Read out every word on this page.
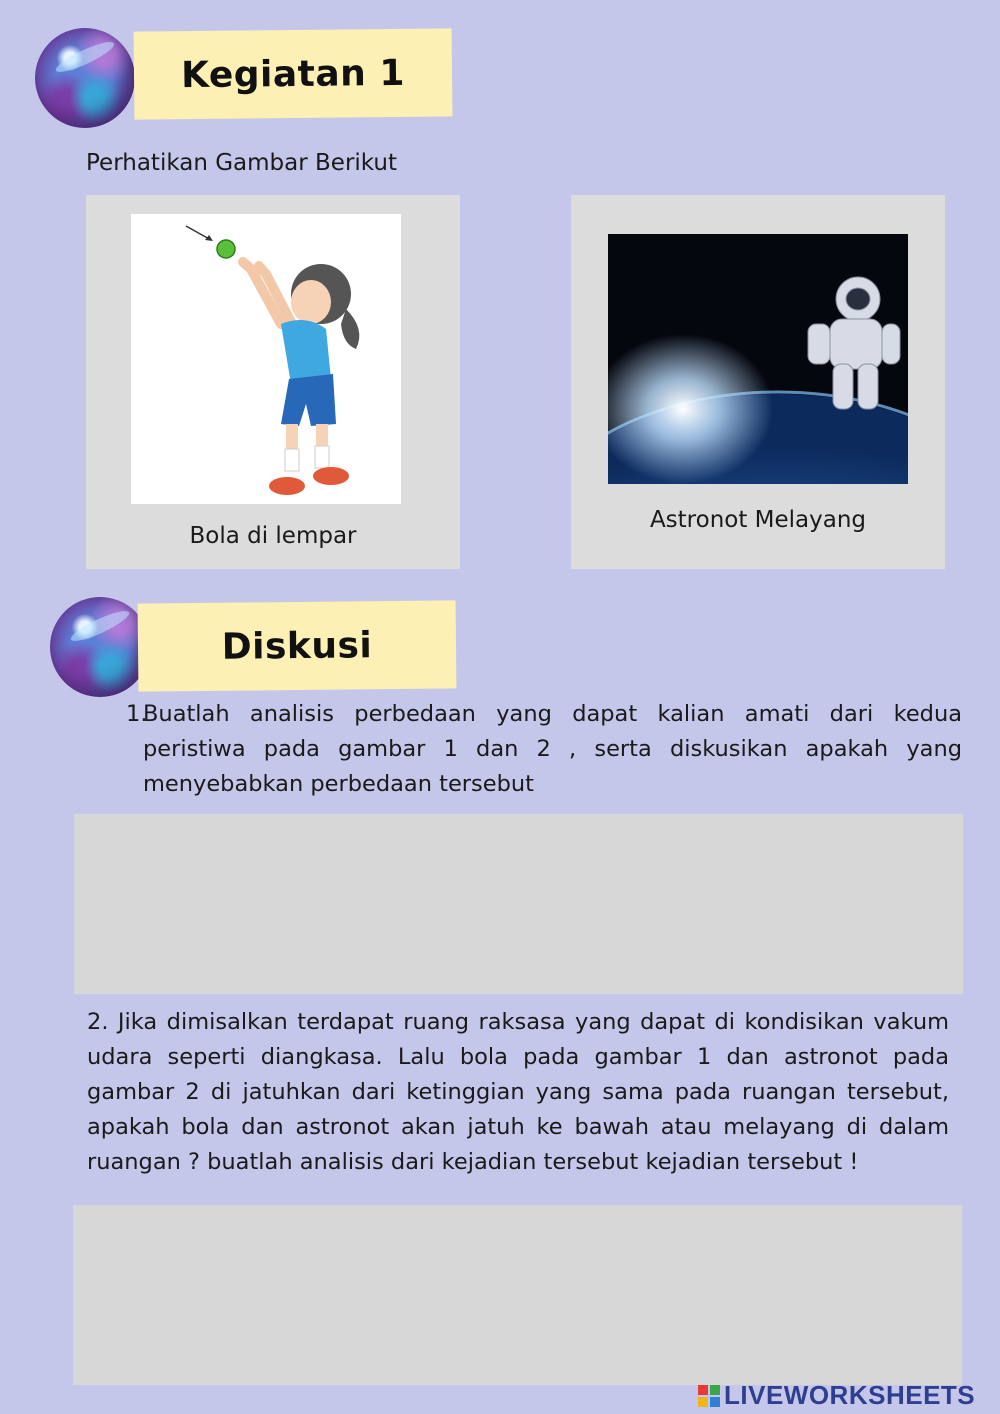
Kegiatan 1
Perhatikan Gambar Berikut
Bola di lempar
Astronot Melayang
Diskusi
1.
Buatlah analisis perbedaan yang dapat kalian amati dari kedua peristiwa pada gambar 1 dan 2 , serta diskusikan apakah yang menyebabkan perbedaan tersebut
2. Jika dimisalkan terdapat ruang raksasa yang dapat di kondisikan vakum udara seperti diangkasa. Lalu bola pada gambar 1 dan astronot pada gambar 2 di jatuhkan dari ketinggian yang sama pada ruangan tersebut, apakah bola dan astronot akan jatuh ke bawah atau melayang di dalam ruangan ? buatlah analisis dari kejadian tersebut kejadian tersebut !
LIVEWORKSHEETS
